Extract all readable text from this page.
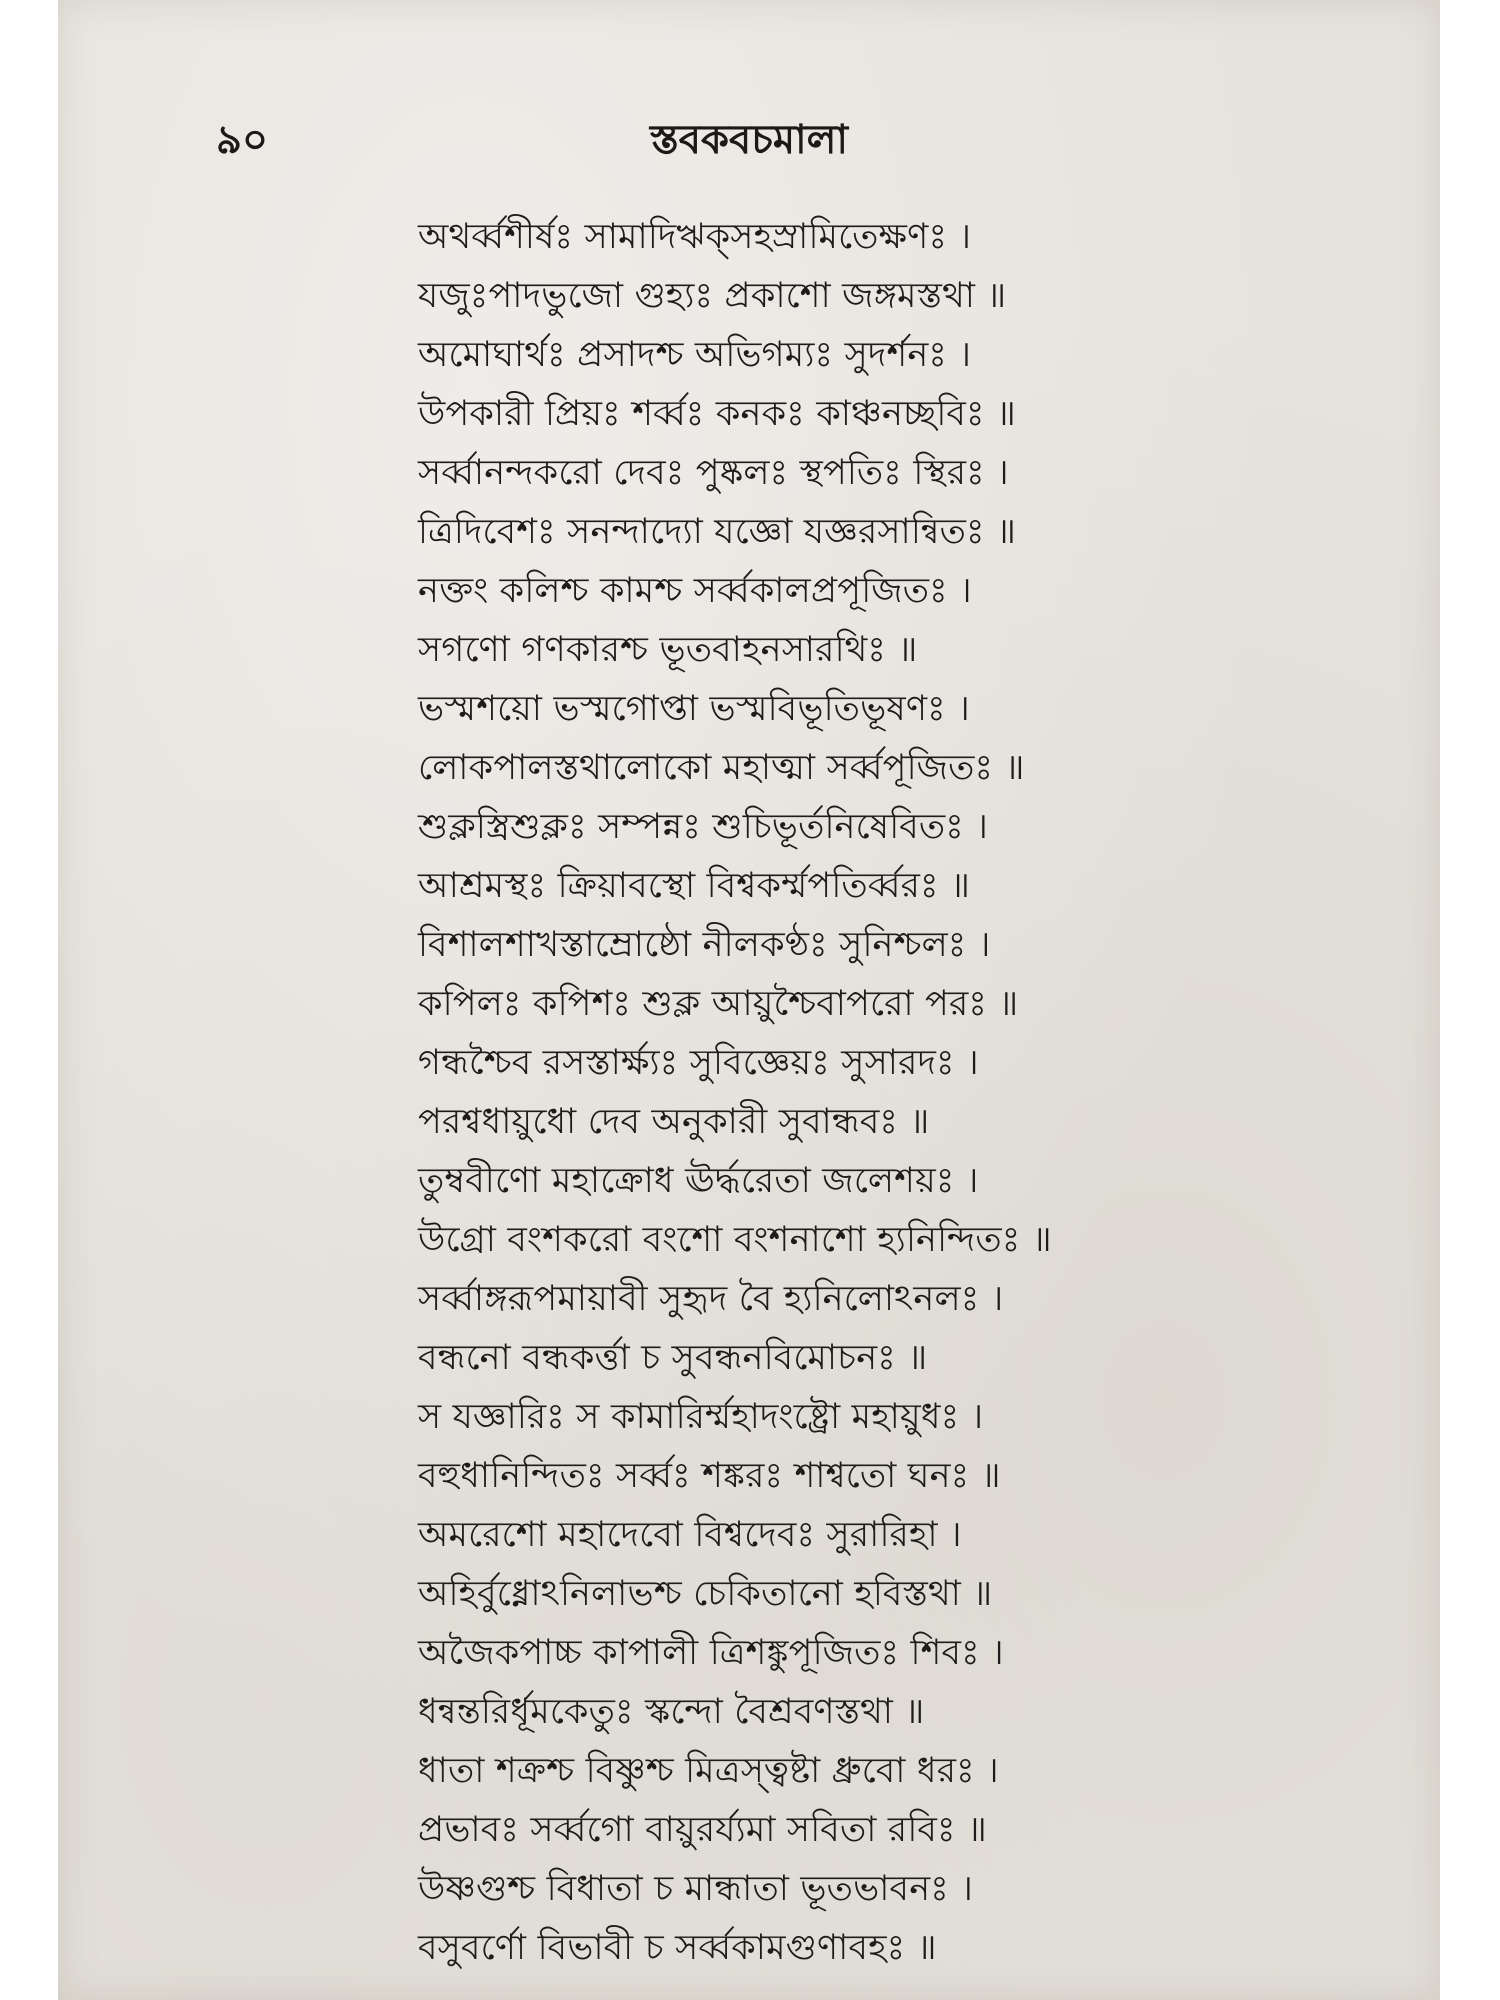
৯০	স্তবকবচমালা
অথর্ব্বশীর্ষঃ সামাদিঋক্‌সহস্রামিতেক্ষণঃ ।
যজুঃপাদভুজো গুহ্যঃ প্রকাশো জঙ্গমস্তথা ॥
অমোঘার্থঃ প্রসাদশ্চ অভিগম্যঃ সুদর্শনঃ ।
উপকারী প্রিয়ঃ শর্ব্বঃ কনকঃ কাঞ্চনচ্ছবিঃ ॥
সর্ব্বানন্দকরো দেবঃ পুষ্কলঃ স্থপতিঃ স্থিরঃ ।
ত্রিদিবেশঃ সনন্দাদ্যো যজ্ঞো যজ্ঞরসান্বিতঃ ॥
নক্তং কলিশ্চ কামশ্চ সর্ব্বকালপ্রপূজিতঃ ।
সগণো গণকারশ্চ ভূতবাহনসারথিঃ ॥
ভস্মশয়ো ভস্মগোপ্তা ভস্মবিভূতিভূষণঃ ।
লোকপালস্তথালোকো মহাত্মা সর্ব্বপূজিতঃ ॥
শুক্লস্ত্রিশুক্লঃ সম্পন্নঃ শুচিভূর্তনিষেবিতঃ ।
আশ্রমস্থঃ ক্রিয়াবস্থো বিশ্বকর্ম্মপতির্ব্বরঃ ॥
বিশালশাখস্তাম্রোষ্ঠো নীলকণ্ঠঃ সুনিশ্চলঃ ।
কপিলঃ কপিশঃ শুক্ল আয়ুশ্চৈবাপরো পরঃ ॥
গন্ধশ্চৈব রসস্তার্ক্ষ্যঃ সুবিজ্ঞেয়ঃ সুসারদঃ ।
পরশ্বধায়ুধো দেব অনুকারী সুবান্ধবঃ ॥
তুম্ববীণো মহাক্রোধ ঊর্দ্ধরেতা জলেশয়ঃ ।
উগ্রো বংশকরো বংশো বংশনাশো হ্যনিন্দিতঃ ॥
সর্ব্বাঙ্গরূপমায়াবী সুহৃদ বৈ হ্যনিলোঽনলঃ ।
বন্ধনো বন্ধকর্ত্তা চ সুবন্ধনবিমোচনঃ ॥
স যজ্ঞারিঃ স কামারির্ম্মহাদংষ্ট্রো মহায়ুধঃ ।
বহুধানিন্দিতঃ সর্ব্বঃ শঙ্করঃ শাশ্বতো ঘনঃ ॥
অমরেশো মহাদেবো বিশ্বদেবঃ সুরারিহা ।
অহির্বুধ্নোঽনিলাভশ্চ চেকিতানো হবিস্তথা ॥
অজৈকপাচ্চ কাপালী ত্রিশঙ্কুপূজিতঃ শিবঃ ।
ধন্বন্তরির্ধূমকেতুঃ স্কন্দো বৈশ্রবণস্তথা ॥
ধাতা শক্রশ্চ বিষ্ণুশ্চ মিত্রস্ত্বষ্টা ধ্রুবো ধরঃ ।
প্রভাবঃ সর্ব্বগো বায়ুরর্য্যমা সবিতা রবিঃ ॥
উষ্ণগুশ্চ বিধাতা চ মান্ধাতা ভূতভাবনঃ ।
বসুবর্ণো বিভাবী চ সর্ব্বকামগুণাবহঃ ॥
